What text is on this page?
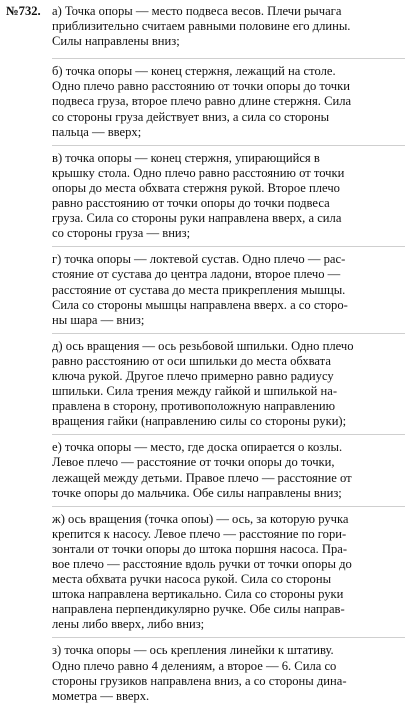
№732. а) Точка опоры — место подвеса весов. Плечи рычага
приблизительно считаем равными половине его длины.
Силы направлены вниз;
б) точка опоры — конец стержня, лежащий на столе.
Одно плечо равно расстоянию от точки опоры до точки
подвеса груза, второе плечо равно длине стержня. Сила
со стороны груза действует вниз, а сила со стороны
пальца — вверх;
в) точка опоры — конец стержня, упирающийся в
крышку стола. Одно плечо равно расстоянию от точки
опоры до места обхвата стержня рукой. Второе плечо
равно расстоянию от точки опоры до точки подвеса
груза. Сила со стороны руки направлена вверх, а сила
со стороны груза — вниз;
г) точка опоры — локтевой сустав. Одно плечо — рас-
стояние от сустава до центра ладони, второе плечо —
расстояние от сустава до места прикрепления мышцы.
Сила со стороны мышцы направлена вверх. а со сторо-
ны шара — вниз;
д) ось вращения — ось резьбовой шпильки. Одно плечо
равно расстоянию от оси шпильки до места обхвата
ключа рукой. Другое плечо примерно равно радиусу
шпильки. Сила трения между гайкой и шпилькой на-
правлена в сторону, противоположную направлению
вращения гайки (направлению силы со стороны руки);
е) точка опоры — место, где доска опирается о козлы.
Левое плечо — расстояние от точки опоры до точки,
лежащей между детьми. Правое плечо — расстояние от
точке опоры до мальчика. Обе силы направлены вниз;
ж) ось вращения (точка опоы) — ось, за которую ручка
крепится к насосу. Левое плечо — расстояние по гори-
зонтали от точки опоры до штока поршня насоса. Пра-
вое плечо — расстояние вдоль ручки от точки опоры до
места обхвата ручки насоса рукой. Сила со стороны
штока направлена вертикально. Сила со стороны руки
направлена перпендикулярно ручке. Обе силы направ-
лены либо вверх, либо вниз;
з) точка опоры — ось крепления линейки к штативу.
Одно плечо равно 4 делениям, а второе — 6. Сила со
стороны грузиков направлена вниз, а со стороны дина-
мометра — вверх.
